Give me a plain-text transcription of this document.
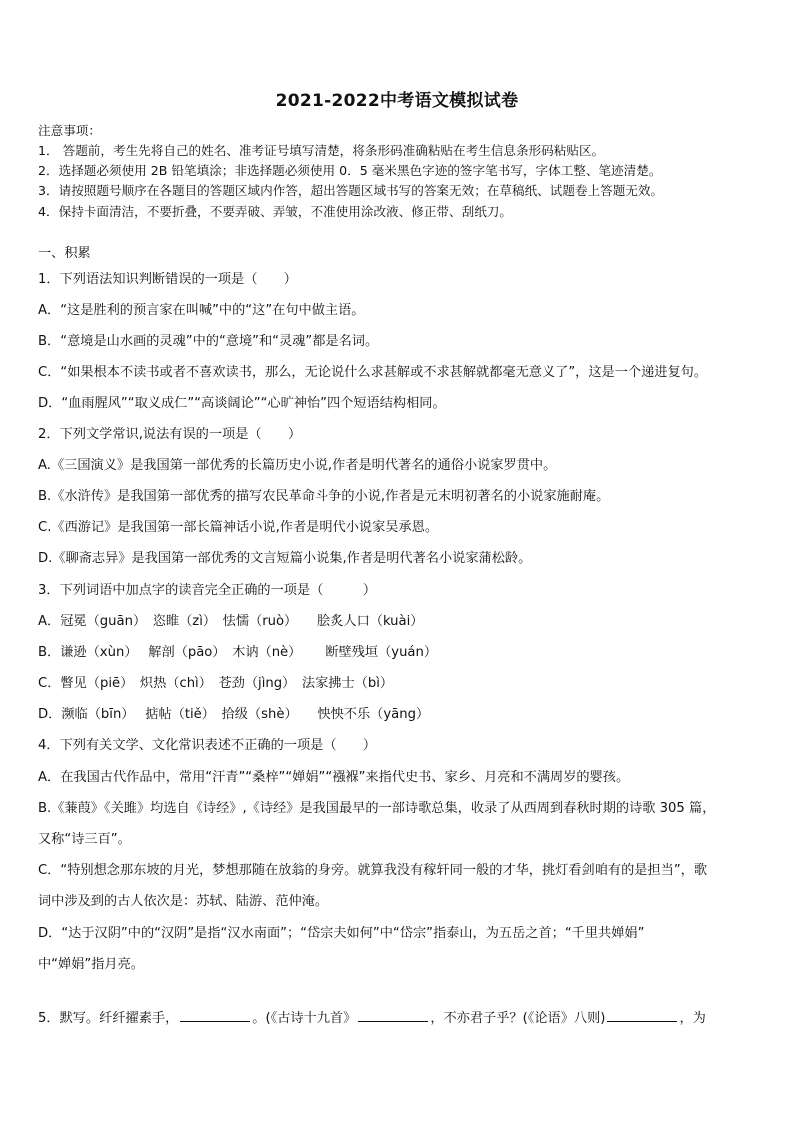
2021-2022中考语文模拟试卷
注意事项：
1． 答题前，考生先将自己的姓名、准考证号填写清楚，将条形码准确粘贴在考生信息条形码粘贴区。
2．选择题必须使用 2B 铅笔填涂；非选择题必须使用 0．5 毫米黑色字迹的签字笔书写，字体工整、笔迹清楚。
3．请按照题号顺序在各题目的答题区域内作答，超出答题区域书写的答案无效；在草稿纸、试题卷上答题无效。
4．保持卡面清洁，不要折叠，不要弄破、弄皱，不准使用涂改液、修正带、刮纸刀。
一、积累
1．下列语法知识判断错误的一项是（　　）
A．“这是胜利的预言家在叫喊”中的“这”在句中做主语。
B．“意境是山水画的灵魂”中的“意境”和“灵魂”都是名词。
C．“如果根本不读书或者不喜欢读书，那么，无论说什么求甚解或不求甚解就都毫无意义了”，这是一个递进复句。
D．“血雨腥风”“取义成仁”“高谈阔论”“心旷神怡”四个短语结构相同。
2．下列文学常识,说法有误的一项是（　　）
A.《三国演义》是我国第一部优秀的长篇历史小说,作者是明代著名的通俗小说家罗贯中。
B.《水浒传》是我国第一部优秀的描写农民革命斗争的小说,作者是元末明初著名的小说家施耐庵。
C.《西游记》是我国第一部长篇神话小说,作者是明代小说家吴承恩。
D.《聊斋志异》是我国第一部优秀的文言短篇小说集,作者是明代著名小说家蒲松龄。
3．下列词语中加点字的读音完全正确的一项是（　　　）
A．冠冕（guān）　恣睢（zì）　怯懦（ruò）　　脍炙人口（kuài）
B．谦逊（xùn）　 解剖（pāo）　木讷（nè）　　 断壁残垣（yuán）
C．瞥见（piē）　炽热（chì）　苍劲（jìng）　法家拂士（bì）
D．濒临（bīn）　 掂帖（tiě）　拾级（shè）　　怏怏不乐（yāng）
4．下列有关文学、文化常识表述不正确的一项是（　　）
A．在我国古代作品中，常用“汗青”“桑梓”“婵娟”“襁褓”来指代史书、家乡、月亮和不满周岁的婴孩。
B.《蒹葭》《关雎》均选自《诗经》,《诗经》是我国最早的一部诗歌总集，收录了从西周到春秋时期的诗歌 305 篇，
又称“诗三百”。
C．“特别想念那东坡的月光，梦想那随在放翁的身旁。就算我没有稼轩同一般的才华，挑灯看剑咱有的是担当”，歌
词中涉及到的古人依次是：苏轼、陆游、范仲淹。
D．“达于汉阴”中的“汉阴”是指“汉水南面”；“岱宗夫如何”中“岱宗”指泰山，为五岳之首；“千里共婵娟”
中“婵娟”指月亮。
5．默写。纤纤擢素手，	。(《古诗十九首》	，不亦君子乎？(《论语》八则)	，为
